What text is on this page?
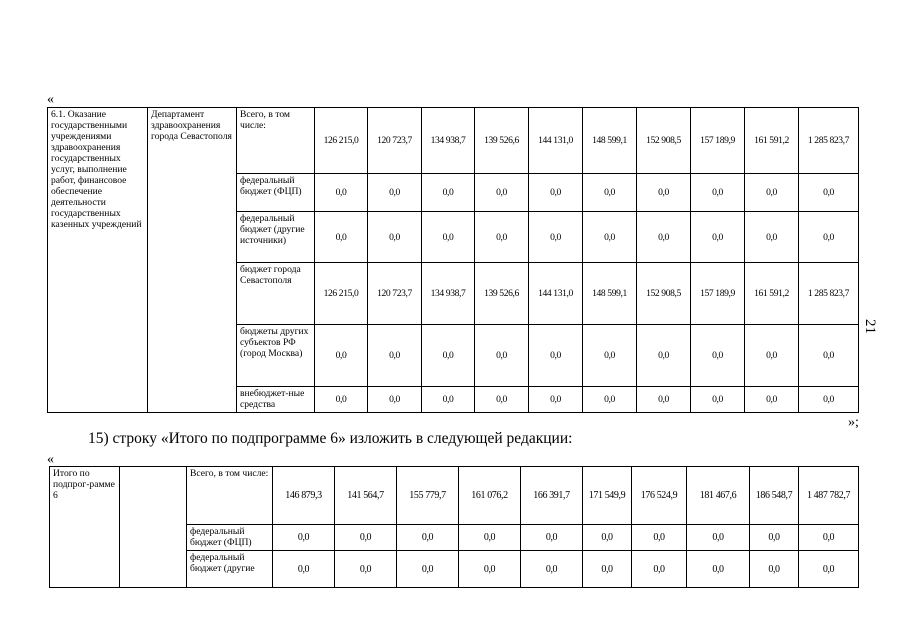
«
6.1. Оказание государственными учреждениями здравоохранения государственных услуг, выполнение работ, финансовое обеспечение деятельности государственных казенных учреждений	Департамент здравоохранения города Севастополя	Всего, в том числе:	126 215,0	120 723,7	134 938,7	139 526,6	144 131,0	148 599,1	152 908,5	157 189,9	161 591,2	1 285 823,7
		федеральный бюджет (ФЦП)	0,0	0,0	0,0	0,0	0,0	0,0	0,0	0,0	0,0	0,0
		федеральный бюджет (другие источники)	0,0	0,0	0,0	0,0	0,0	0,0	0,0	0,0	0,0	0,0
		бюджет города Севастополя	126 215,0	120 723,7	134 938,7	139 526,6	144 131,0	148 599,1	152 908,5	157 189,9	161 591,2	1 285 823,7
		бюджеты других субъектов РФ (город Москва)	0,0	0,0	0,0	0,0	0,0	0,0	0,0	0,0	0,0	0,0
		внебюджет-ные средства	0,0	0,0	0,0	0,0	0,0	0,0	0,0	0,0	0,0	0,0
»;
21
15) строку «Итого по подпрограмме 6» изложить в следующей редакции:
«
Итого по подпрог-рамме 6		Всего, в том числе:	146 879,3	141 564,7	155 779,7	161 076,2	166 391,7	171 549,9	176 524,9	181 467,6	186 548,7	1 487 782,7
		федеральный бюджет (ФЦП)	0,0	0,0	0,0	0,0	0,0	0,0	0,0	0,0	0,0	0,0
		федеральный бюджет (другие	0,0	0,0	0,0	0,0	0,0	0,0	0,0	0,0	0,0	0,0
